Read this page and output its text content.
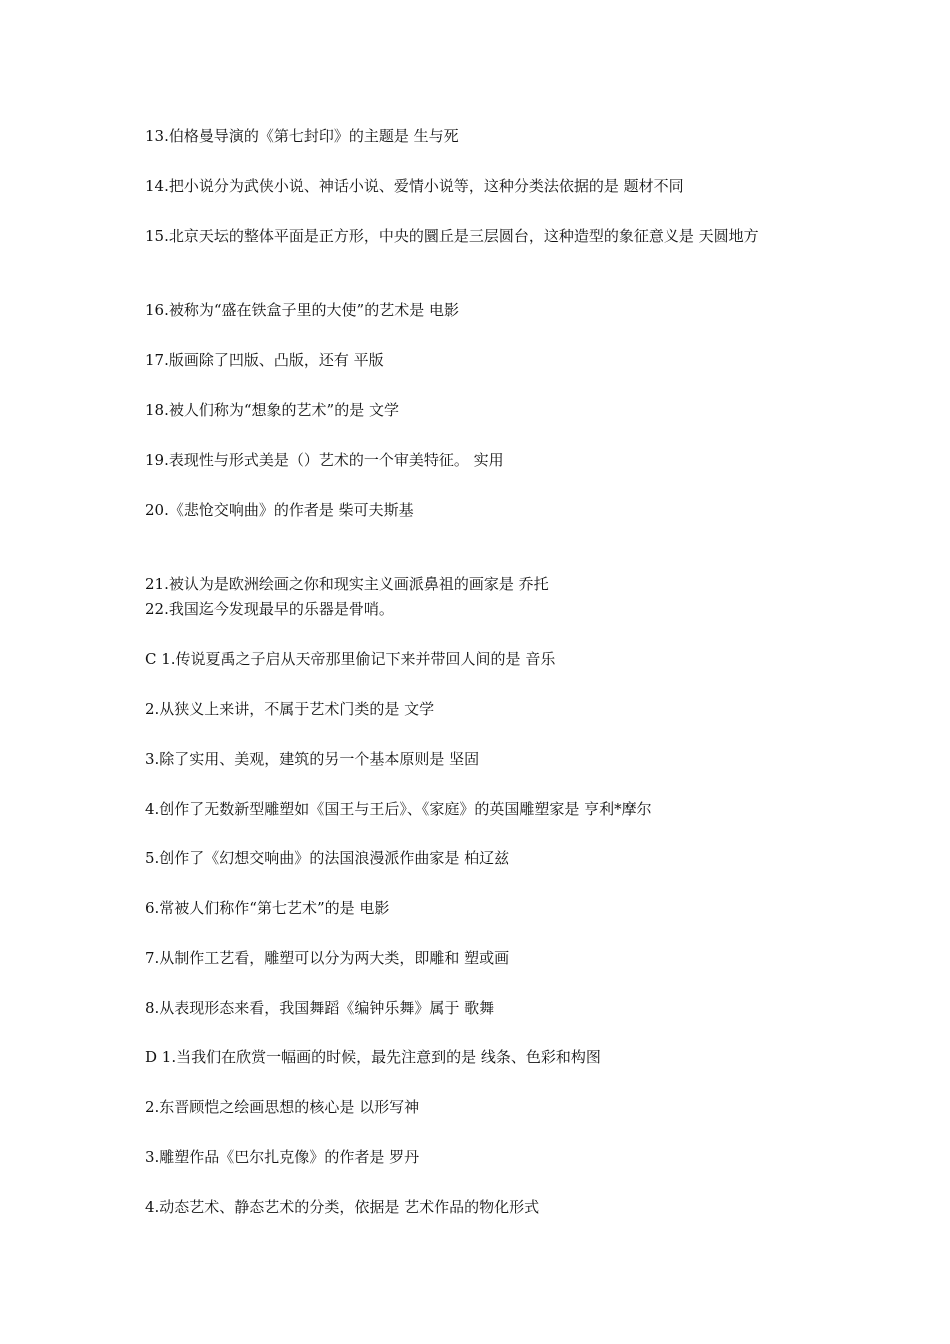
13.伯格曼导演的《第七封印》的主题是 生与死
14.把小说分为武侠小说、神话小说、爱情小说等，这种分类法依据的是 题材不同
15.北京天坛的整体平面是正方形，中央的圜丘是三层圆台，这种造型的象征意义是 天圆地方
16.被称为“盛在铁盒子里的大使”的艺术是 电影
17.版画除了凹版、凸版，还有 平版
18.被人们称为“想象的艺术”的是 文学
19.表现性与形式美是（）艺术的一个审美特征。 实用
20.《悲怆交响曲》的作者是 柴可夫斯基
21.被认为是欧洲绘画之你和现实主义画派鼻祖的画家是 乔托
22.我国迄今发现最早的乐器是骨哨。
C 1.传说夏禹之子启从天帝那里偷记下来并带回人间的是 音乐
2.从狭义上来讲，不属于艺术门类的是 文学
3.除了实用、美观，建筑的另一个基本原则是 坚固
4.创作了无数新型雕塑如《国王与王后》、《家庭》的英国雕塑家是 亨利*摩尔
5.创作了《幻想交响曲》的法国浪漫派作曲家是 柏辽兹
6.常被人们称作“第七艺术”的是 电影
7.从制作工艺看，雕塑可以分为两大类，即雕和 塑或画
8.从表现形态来看，我国舞蹈《编钟乐舞》属于 歌舞
D 1.当我们在欣赏一幅画的时候，最先注意到的是 线条、色彩和构图
2.东晋顾恺之绘画思想的核心是 以形写神
3.雕塑作品《巴尔扎克像》的作者是 罗丹
4.动态艺术、静态艺术的分类，依据是 艺术作品的物化形式
